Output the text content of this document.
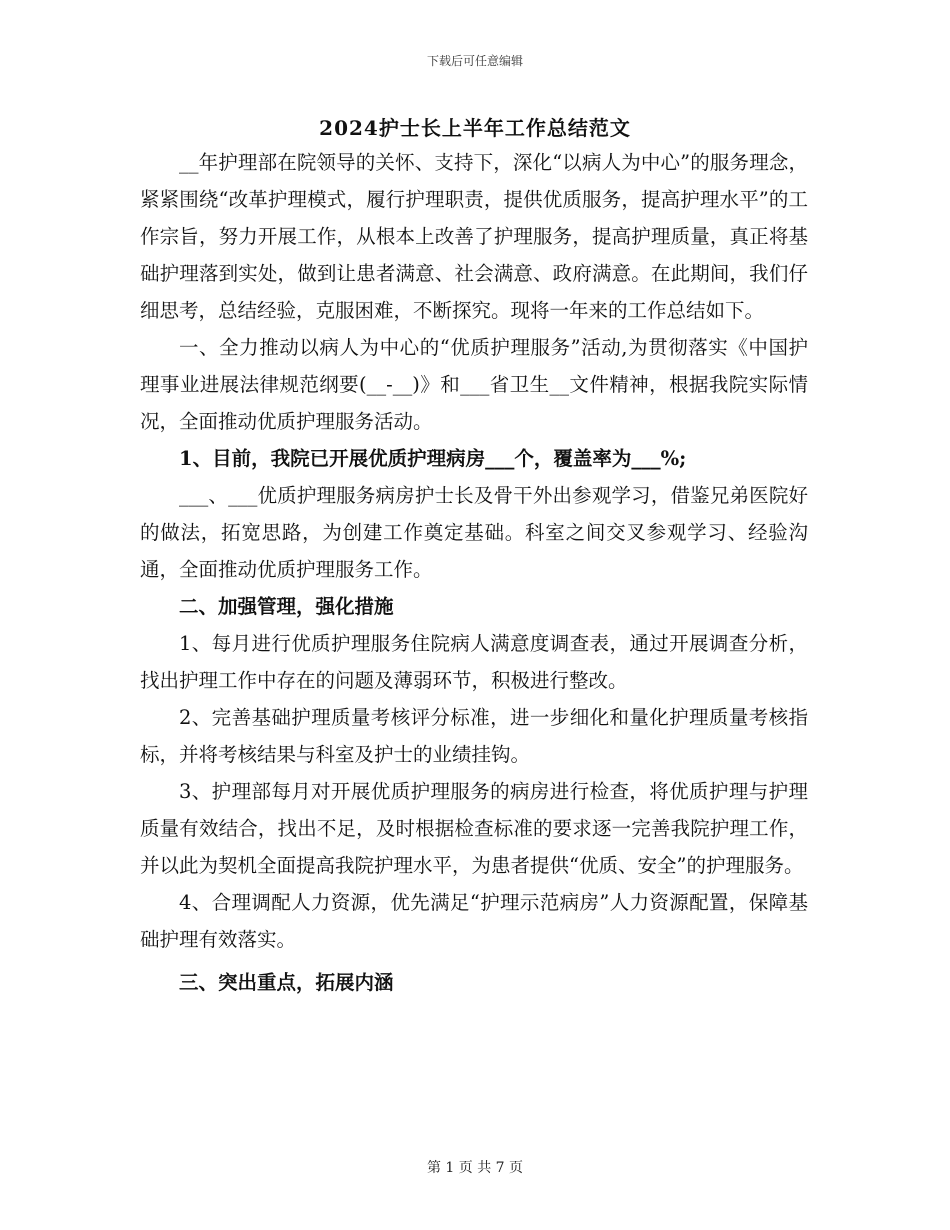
下载后可任意编辑
2024护士长上半年工作总结范文

__年护理部在院领导的关怀、支持下，深化“以病人为中心”的服务理念，紧紧围绕“改革护理模式，履行护理职责，提供优质服务，提高护理水平”的工作宗旨，努力开展工作，从根本上改善了护理服务，提高护理质量，真正将基础护理落到实处，做到让患者满意、社会满意、政府满意。在此期间，我们仔细思考，总结经验，克服困难，不断探究。现将一年来的工作总结如下。

一、全力推动以病人为中心的“优质护理服务”活动,为贯彻落实《中国护理事业进展法律规范纲要(__-__)》和___省卫生__文件精神，根据我院实际情况，全面推动优质护理服务活动。

1、目前，我院已开展优质护理病房___个，覆盖率为___%;

___、___优质护理服务病房护士长及骨干外出参观学习，借鉴兄弟医院好的做法，拓宽思路，为创建工作奠定基础。科室之间交叉参观学习、经验沟通，全面推动优质护理服务工作。

二、加强管理，强化措施

1、每月进行优质护理服务住院病人满意度调查表，通过开展调查分析，找出护理工作中存在的问题及薄弱环节，积极进行整改。

2、完善基础护理质量考核评分标准，进一步细化和量化护理质量考核指标，并将考核结果与科室及护士的业绩挂钩。

3、护理部每月对开展优质护理服务的病房进行检查，将优质护理与护理质量有效结合，找出不足，及时根据检查标准的要求逐一完善我院护理工作，并以此为契机全面提高我院护理水平，为患者提供“优质、安全”的护理服务。

4、合理调配人力资源，优先满足“护理示范病房”人力资源配置，保障基础护理有效落实。

三、突出重点，拓展内涵

第 1 页 共 7 页
